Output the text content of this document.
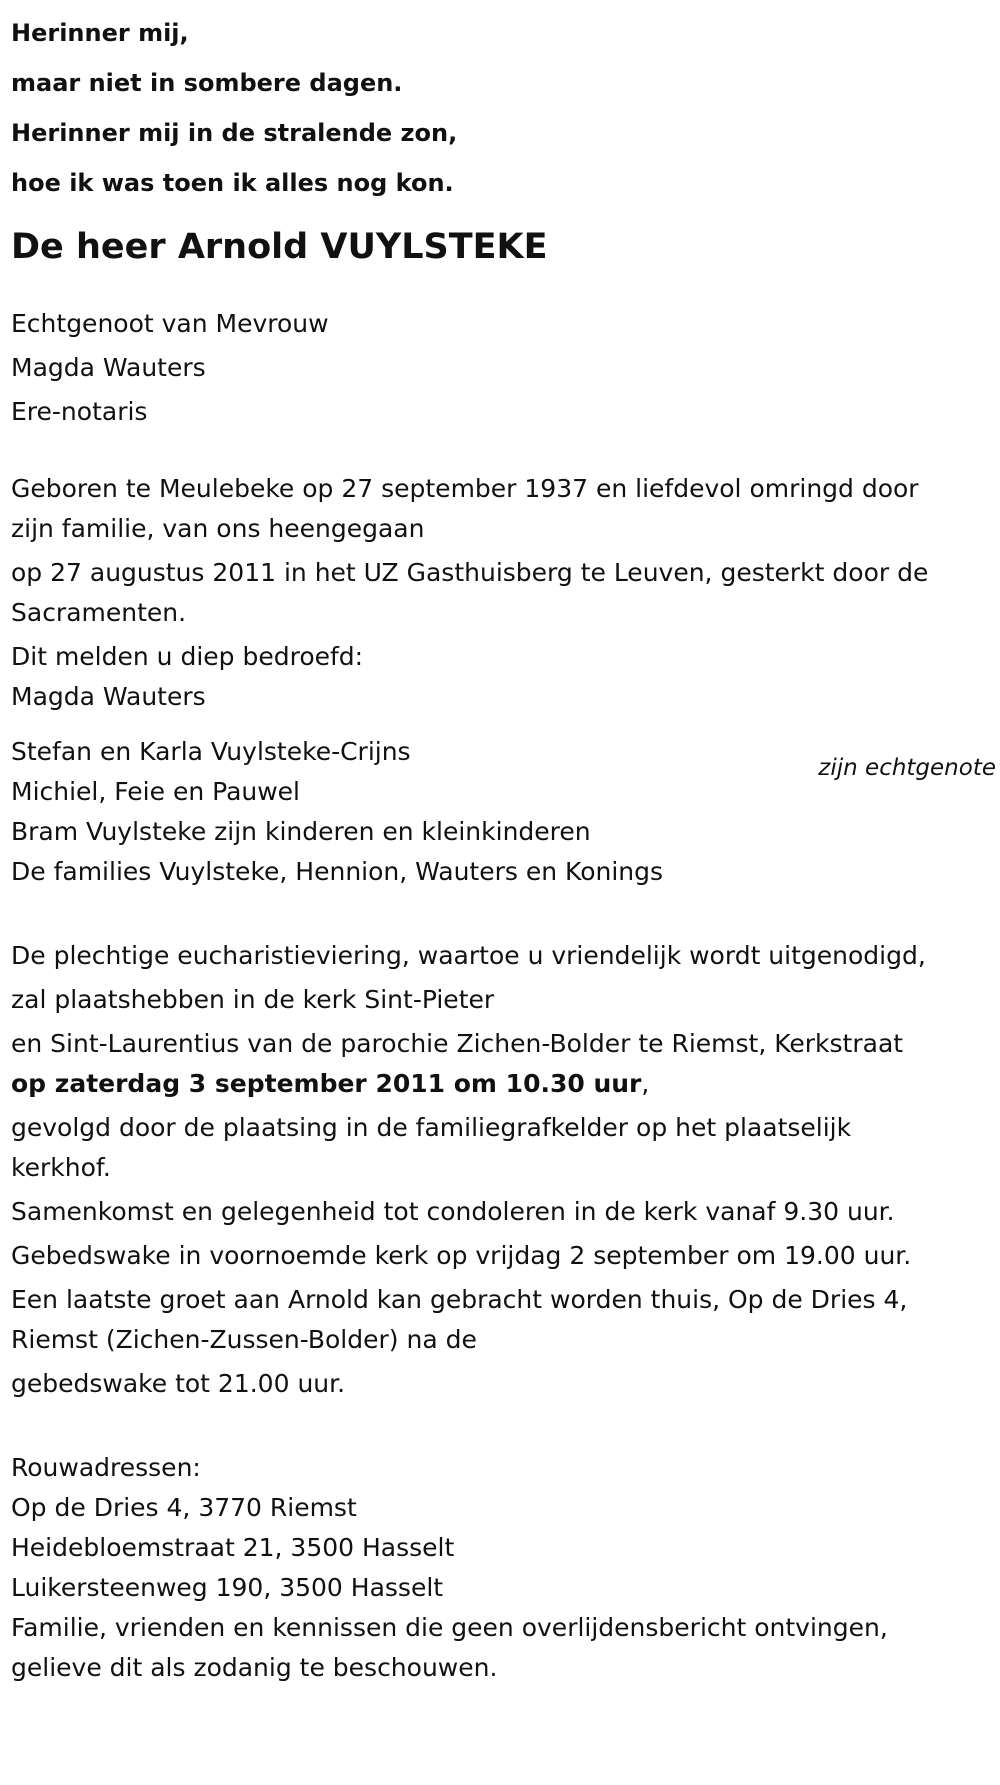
Herinner mij,

maar niet in sombere dagen.

Herinner mij in de stralende zon,

hoe ik was toen ik alles nog kon.

De heer Arnold VUYLSTEKE

Echtgenoot van Mevrouw

Magda Wauters

Ere-notaris

Geboren te Meulebeke op 27 september 1937 en liefdevol omringd door

zijn familie, van ons heengegaan

op 27 augustus 2011 in het UZ Gasthuisberg te Leuven, gesterkt door de

Sacramenten.

Dit melden u diep bedroefd:

Magda Wauters

Stefan en Karla Vuylsteke-Crijns

Michiel, Feie en Pauwel

Bram Vuylsteke zijn kinderen en kleinkinderen

De families Vuylsteke, Hennion, Wauters en Konings

zijn echtgenote

De plechtige eucharistieviering, waartoe u vriendelijk wordt uitgenodigd,

zal plaatshebben in de kerk Sint-Pieter

en Sint-Laurentius van de parochie Zichen-Bolder te Riemst, Kerkstraat

op zaterdag 3 september 2011 om 10.30 uur,

gevolgd door de plaatsing in de familiegrafkelder op het plaatselijk

kerkhof.

Samenkomst en gelegenheid tot condoleren in de kerk vanaf 9.30 uur.

Gebedswake in voornoemde kerk op vrijdag 2 september om 19.00 uur.

Een laatste groet aan Arnold kan gebracht worden thuis, Op de Dries 4,

Riemst (Zichen-Zussen-Bolder) na de

gebedswake tot 21.00 uur.

Rouwadressen:

Op de Dries 4, 3770 Riemst

Heidebloemstraat 21, 3500 Hasselt

Luikersteenweg 190, 3500 Hasselt

Familie, vrienden en kennissen die geen overlijdensbericht ontvingen,

gelieve dit als zodanig te beschouwen.
